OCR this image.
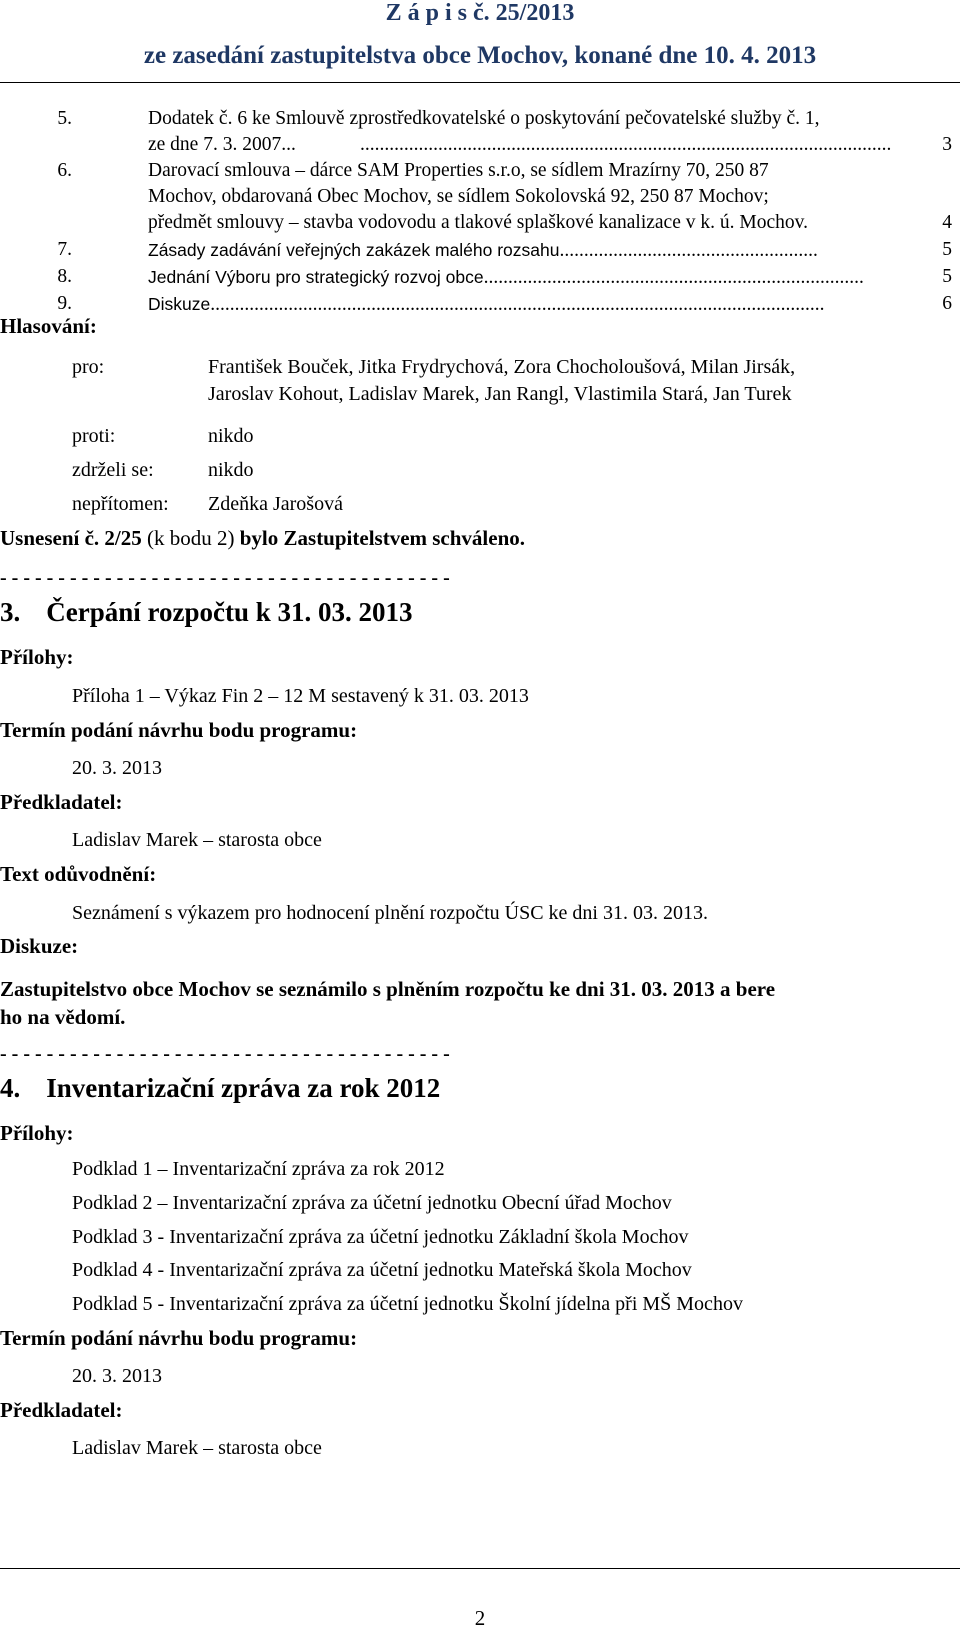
Z á p i s č. 25/2013
ze zasedání zastupitelstva obce Mochov, konané dne 10. 4. 2013
5.	Dodatek č. 6 ke Smlouvě zprostředkovatelské o poskytování pečovatelské služby č. 1,
ze dne 7. 3. 2007...	.............................................................................................................	3
6.	Darovací smlouva – dárce SAM Properties s.r.o, se sídlem Mrazírny 70, 250 87
Mochov, obdarovaná Obec Mochov, se sídlem Sokolovská 92, 250 87 Mochov;
předmět smlouvy – stavba vodovodu a tlakové splaškové kanalizace v k. ú. Mochov.	4
7.	Zásady zadávání veřejných zakázek malého rozsahu.....................................................	5
8.	Jednání Výboru pro strategický rozvoj obce..............................................................................	5
9.	Diskuze..............................................................................................................................	6
Hlasování:
pro:	František Bouček, Jitka Frydrychová, Zora Chocholoušová, Milan Jirsák,
Jaroslav Kohout, Ladislav Marek, Jan Rangl, Vlastimila Stará, Jan Turek
proti:	nikdo
zdrželi se:	nikdo
nepřítomen: Zdeňka Jarošová
Usnesení č. 2/25 (k bodu 2) bylo Zastupitelstvem schváleno.
- - - - - - - - - - - - - - - - - - - - - - - - - - - - - - - - - - - - - - -
3. Čerpání rozpočtu k 31. 03. 2013
Přílohy:
Příloha 1 – Výkaz Fin 2 – 12 M sestavený k 31. 03. 2013
Termín podání návrhu bodu programu:
20. 3. 2013
Předkladatel:
Ladislav Marek – starosta obce
Text odůvodnění:
Seznámení s výkazem pro hodnocení plnění rozpočtu ÚSC ke dni 31. 03. 2013.
Diskuze:
Zastupitelstvo obce Mochov se seznámilo s plněním rozpočtu ke dni 31. 03. 2013 a bere
ho na vědomí.
- - - - - - - - - - - - - - - - - - - - - - - - - - - - - - - - - - - - - - -
4. Inventarizační zpráva za rok 2012
Přílohy:
Podklad 1 – Inventarizační zpráva za rok 2012
Podklad 2 – Inventarizační zpráva za účetní jednotku Obecní úřad Mochov
Podklad 3 - Inventarizační zpráva za účetní jednotku Základní škola Mochov
Podklad 4 - Inventarizační zpráva za účetní jednotku Mateřská škola Mochov
Podklad 5 - Inventarizační zpráva za účetní jednotku Školní jídelna při MŠ Mochov
Termín podání návrhu bodu programu:
20. 3. 2013
Předkladatel:
Ladislav Marek – starosta obce
2
